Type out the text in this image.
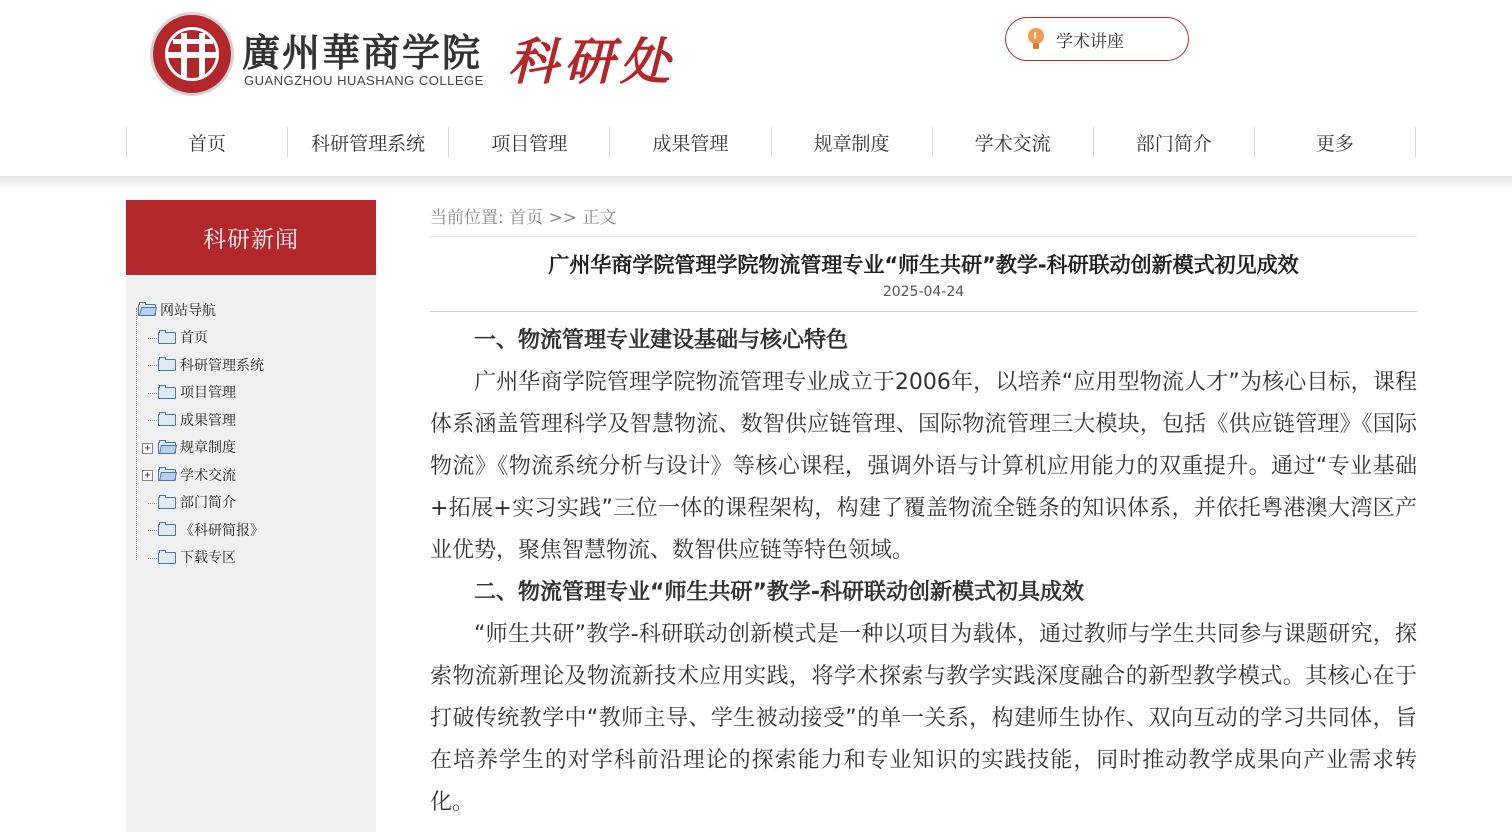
廣州華商学院
GUANGZHOU HUASHANG COLLEGE 科研处	学术讲座
首页	科研管理系统	项目管理	成果管理	规章制度	学术交流	部门简介	更多
科研新闻
网站导航
首页
科研管理系统
项目管理
成果管理
+ 规章制度
+ 学术交流
部门简介
《科研简报》
下载专区
当前位置: 首页 >> 正文
广州华商学院管理学院物流管理专业“师生共研”教学-科研联动创新模式初见成效
2025-04-24
一、物流管理专业建设基础与核心特色

广州华商学院管理学院物流管理专业成立于2006年，以培养“应用型物流人才”为核心目标，课程体系涵盖管理科学及智慧物流、数智供应链管理、国际物流管理三大模块，包括《供应链管理》《国际物流》《物流系统分析与设计》等核心课程，强调外语与计算机应用能力的双重提升。通过“专业基础+拓展+实习实践”三位一体的课程架构，构建了覆盖物流全链条的知识体系，并依托粤港澳大湾区产业优势，聚焦智慧物流、数智供应链等特色领域。

二、物流管理专业“师生共研”教学-科研联动创新模式初具成效

“师生共研”教学-科研联动创新模式是一种以项目为载体，通过教师与学生共同参与课题研究，探索物流新理论及物流新技术应用实践，将学术探索与教学实践深度融合的新型教学模式。其核心在于打破传统教学中“教师主导、学生被动接受”的单一关系，构建师生协作、双向互动的学习共同体，旨在培养学生的对学科前沿理论的探索能力和专业知识的实践技能，同时推动教学成果向产业需求转化。
